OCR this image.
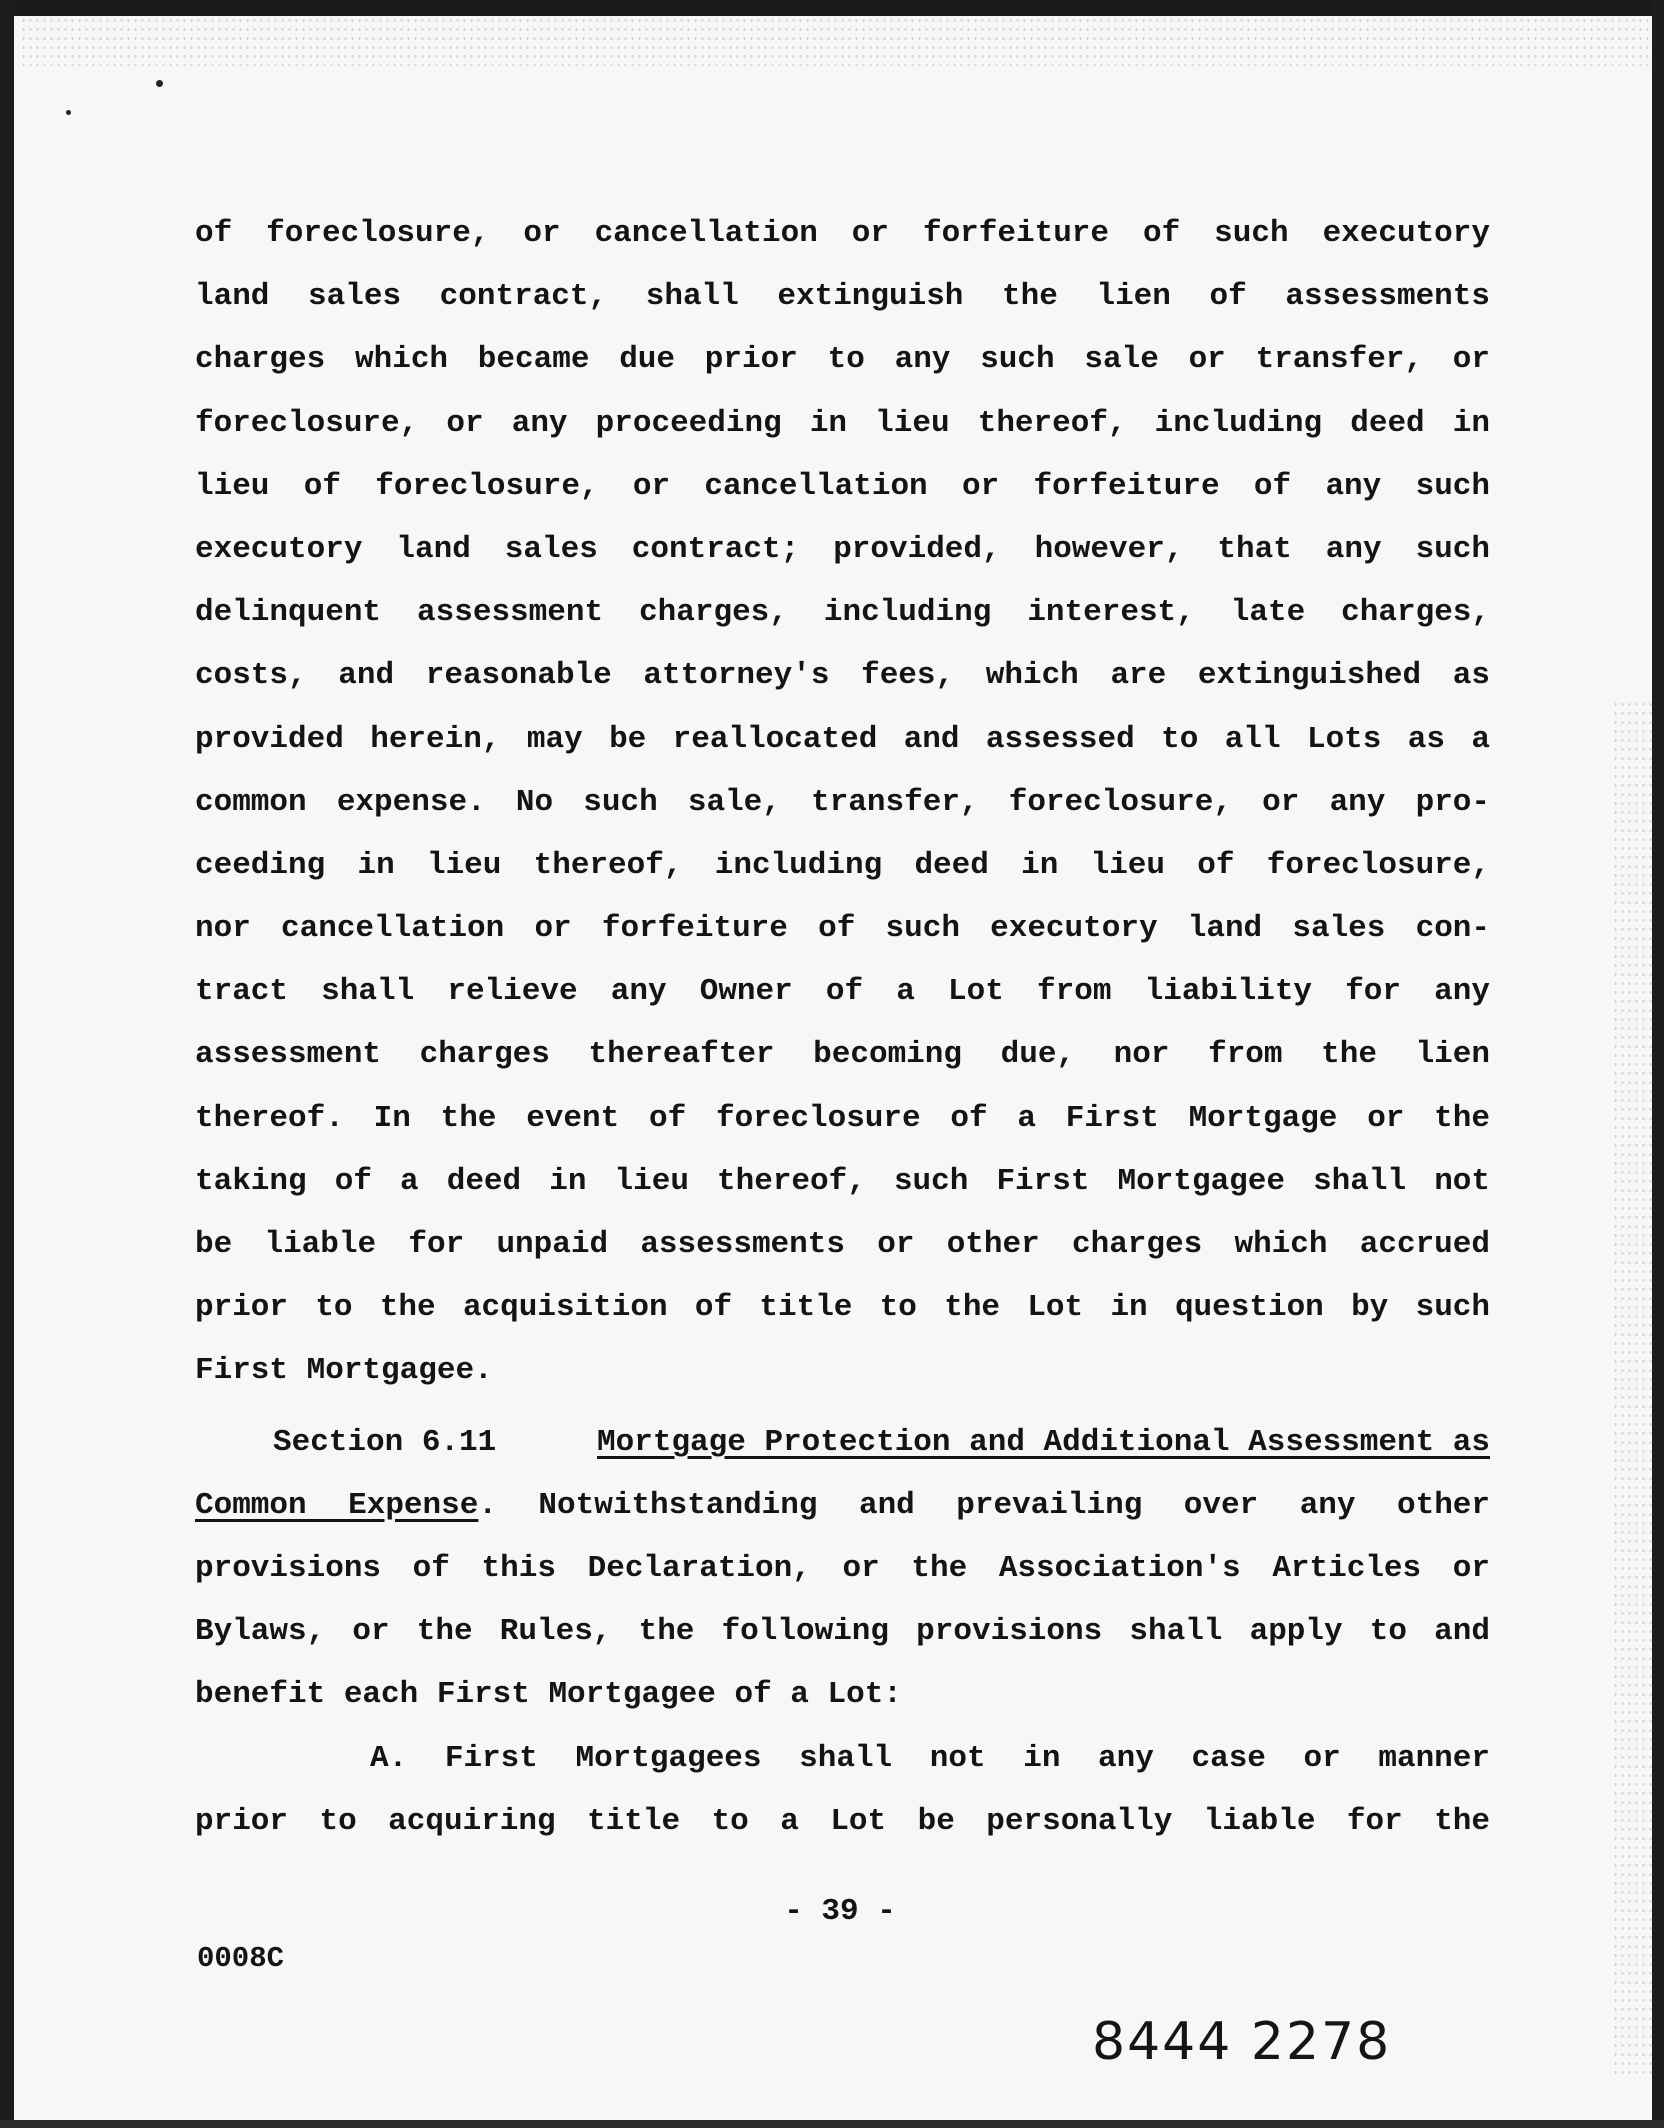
of foreclosure, or cancellation or forfeiture of such executory
land sales contract, shall extinguish the lien of assessments
charges which became due prior to any such sale or transfer, or
foreclosure, or any proceeding in lieu thereof, including deed in
lieu of foreclosure, or cancellation or forfeiture of any such
executory land sales contract; provided, however, that any such
delinquent assessment charges, including interest, late charges,
costs, and reasonable attorney's fees, which are extinguished as
provided herein, may be reallocated and assessed to all Lots as a
common expense. No such sale, transfer, foreclosure, or any pro-
ceeding in lieu thereof, including deed in lieu of foreclosure,
nor cancellation or forfeiture of such executory land sales con-
tract shall relieve any Owner of a Lot from liability for any
assessment charges thereafter becoming due, nor from the lien
thereof. In the event of foreclosure of a First Mortgage or the
taking of a deed in lieu thereof, such First Mortgagee shall not
be liable for unpaid assessments or other charges which accrued
prior to the acquisition of title to the Lot in question by such
First Mortgagee.
Section 6.11	Mortgage Protection and Additional Assessment as
Common Expense. Notwithstanding and prevailing over any other
provisions of this Declaration, or the Association's Articles or
Bylaws, or the Rules, the following provisions shall apply to and
benefit each First Mortgagee of a Lot:
A. First Mortgagees shall not in any case or manner
prior to acquiring title to a Lot be personally liable for the
- 39 -
0008C
8444 2278
